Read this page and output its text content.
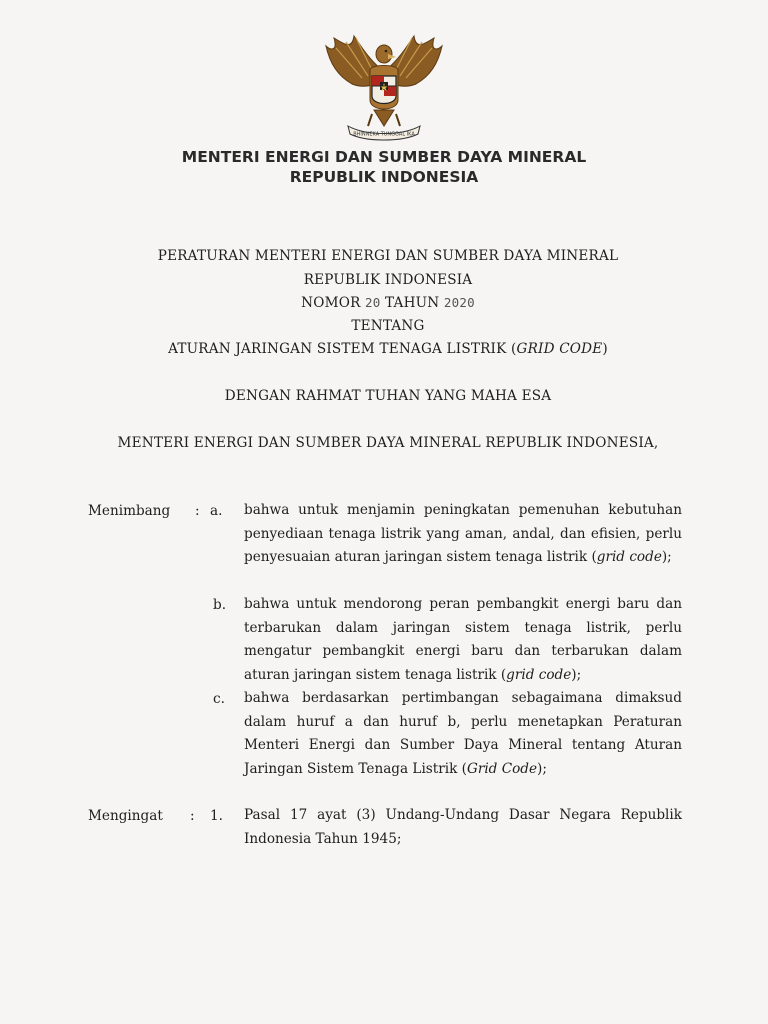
BHINNEKA TUNGGAL IKA
MENTERI ENERGI DAN SUMBER DAYA MINERAL
REPUBLIK INDONESIA
PERATURAN MENTERI ENERGI DAN SUMBER DAYA MINERAL
REPUBLIK INDONESIA
NOMOR 20 TAHUN 2020
TENTANG
ATURAN JARINGAN SISTEM TENAGA LISTRIK (GRID CODE)
DENGAN RAHMAT TUHAN YANG MAHA ESA
MENTERI ENERGI DAN SUMBER DAYA MINERAL REPUBLIK INDONESIA,
Menimbang : a. bahwa untuk menjamin peningkatan pemenuhan kebutuhan penyediaan tenaga listrik yang aman, andal, dan efisien, perlu penyesuaian aturan jaringan sistem tenaga listrik (grid code);
b. bahwa untuk mendorong peran pembangkit energi baru dan terbarukan dalam jaringan sistem tenaga listrik, perlu mengatur pembangkit energi baru dan terbarukan dalam aturan jaringan sistem tenaga listrik (grid code);
c. bahwa berdasarkan pertimbangan sebagaimana dimaksud dalam huruf a dan huruf b, perlu menetapkan Peraturan Menteri Energi dan Sumber Daya Mineral tentang Aturan Jaringan Sistem Tenaga Listrik (Grid Code);
Mengingat : 1. Pasal 17 ayat (3) Undang-Undang Dasar Negara Republik Indonesia Tahun 1945;
